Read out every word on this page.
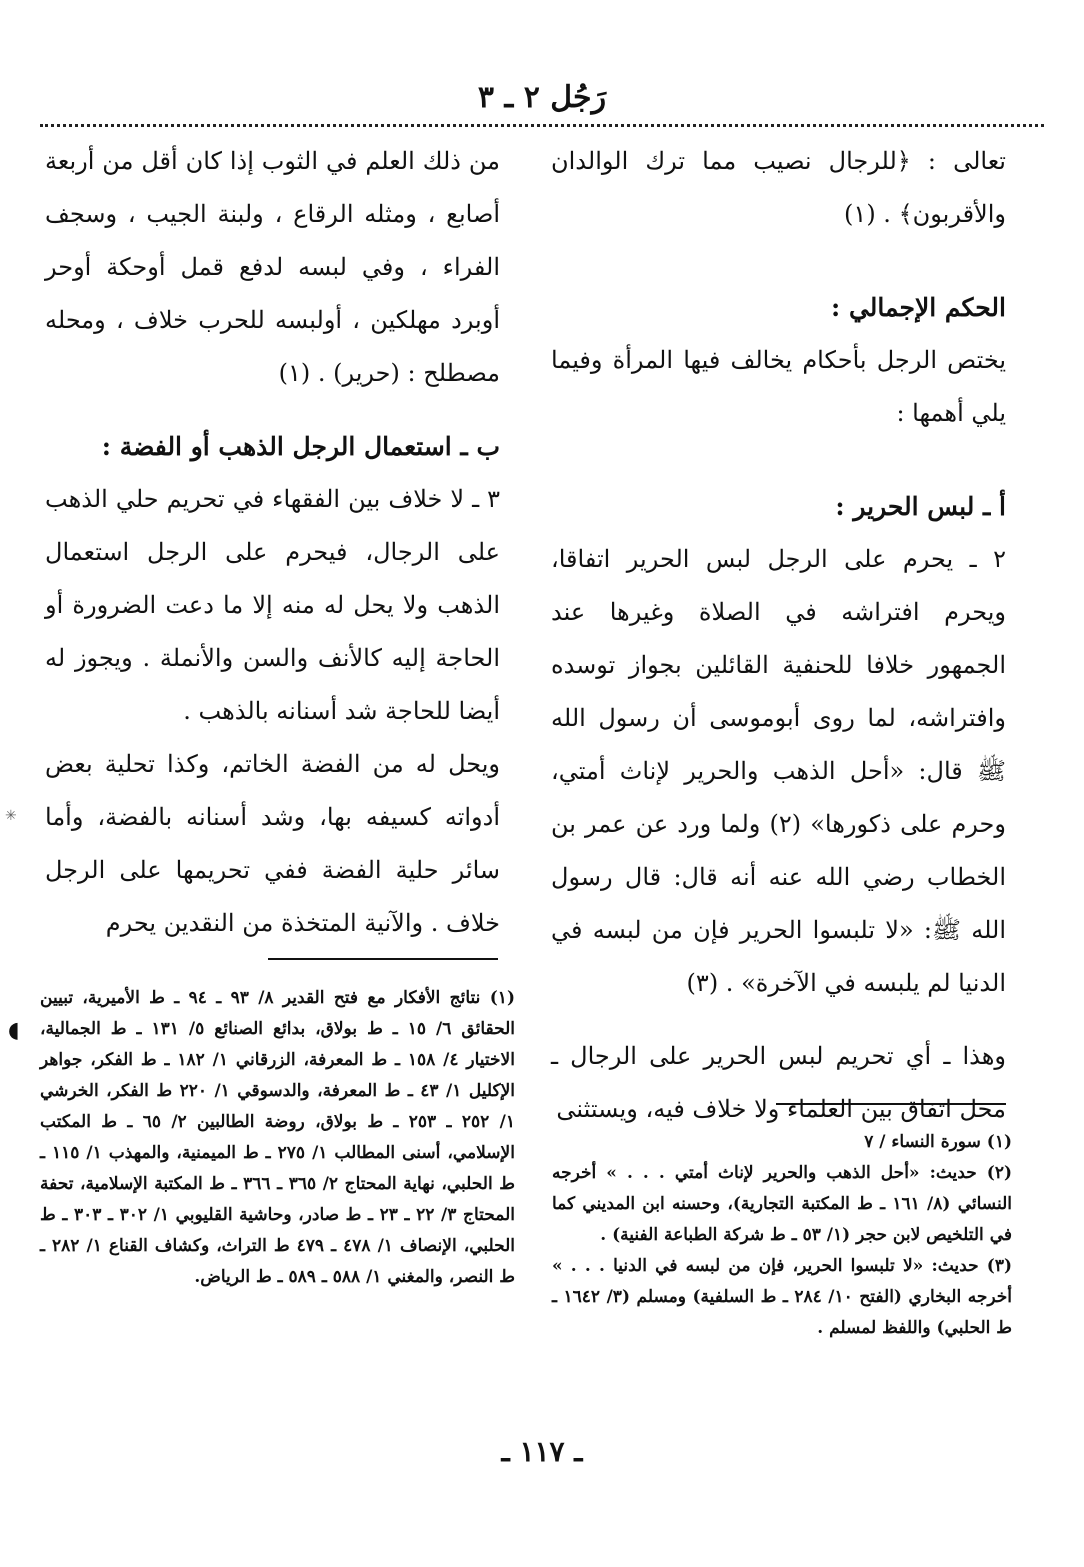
رَجُل ٢ ـ ٣

تعالى : ﴿للرجال نصيب مما ترك الوالدان والأقربون﴾ . (١)

الحكم الإجمالي :

يختص الرجل بأحكام يخالف فيها المرأة وفيما يلي أهمها :

أ ـ لبس الحرير :

٢ ـ يحرم على الرجل لبس الحرير اتفاقا، ويحرم افتراشه في الصلاة وغيرها عند الجمهور خلافا للحنفية القائلين بجواز توسده وافتراشه، لما روى أبوموسى أن رسول الله ﷺ قال: «أحل الذهب والحرير لإناث أمتي، وحرم على ذكورها» (٢) ولما ورد عن عمر بن الخطاب رضي الله عنه أنه قال: قال رسول الله ﷺ: «لا تلبسوا الحرير فإن من لبسه في الدنيا لم يلبسه في الآخرة» . (٣)

وهذا ـ أي تحريم لبس الحرير على الرجال ـ محل اتفاق بين العلماء ولا خلاف فيه، ويستثنى

من ذلك العلم في الثوب إذا كان أقل من أربعة أصابع ، ومثله الرقاع ، ولبنة الجيب ، وسجف الفراء ، وفي لبسه لدفع قمل أوحكة أوحر أوبرد مهلكين ، أولبسه للحرب خلاف ، ومحله مصطلح : (حرير) . (١)

ب ـ استعمال الرجل الذهب أو الفضة :

٣ ـ لا خلاف بين الفقهاء في تحريم حلي الذهب على الرجال، فيحرم على الرجل استعمال الذهب ولا يحل له منه إلا ما دعت الضرورة أو الحاجة إليه كالأنف والسن والأنملة . ويجوز له أيضا للحاجة شد أسنانه بالذهب .

ويحل له من الفضة الخاتم، وكذا تحلية بعض أدواته كسيفه بها، وشد أسنانه بالفضة، وأما سائر حلية الفضة ففي تحريمها على الرجل خلاف . والآنية المتخذة من النقدين يحرم

(١) سورة النساء / ٧

(٢) حديث: «أحل الذهب والحرير لإناث أمتي . . . » أخرجه النسائي (٨/ ١٦١ ـ ط المكتبة التجارية)، وحسنه ابن المديني كما في التلخيص لابن حجر (١/ ٥٣ ـ ط شركة الطباعة الفنية) .

(٣) حديث: «لا تلبسوا الحرير، فإن من لبسه في الدنيا . . . » أخرجه البخاري (الفتح ١٠/ ٢٨٤ ـ ط السلفية) ومسلم (٣/ ١٦٤٢ ـ ط الحلبي) واللفظ لمسلم .

(١) نتائج الأفكار مع فتح القدير ٨/ ٩٣ ـ ٩٤ ـ ط الأميرية، تبيين الحقائق ٦/ ١٥ ـ ط بولاق، بدائع الصنائع ٥/ ١٣١ ـ ط الجمالية، الاختيار ٤/ ١٥٨ ـ ط المعرفة، الزرقاني ١/ ١٨٢ ـ ط الفكر، جواهر الإكليل ١/ ٤٣ ـ ط المعرفة، والدسوقي ١/ ٢٢٠ ط الفكر، الخرشي ١/ ٢٥٢ ـ ٢٥٣ ـ ط بولاق، روضة الطالبين ٢/ ٦٥ ـ ط المكتب الإسلامي، أسنى المطالب ١/ ٢٧٥ ـ ط الميمنية، والمهذب ١/ ١١٥ ـ ط الحلبي، نهاية المحتاج ٢/ ٣٦٥ ـ ٣٦٦ ـ ط المكتبة الإسلامية، تحفة المحتاج ٣/ ٢٢ ـ ٢٣ ـ ط صادر، وحاشية القليوبي ١/ ٣٠٢ ـ ٣٠٣ ـ ط الحلبي، الإنصاف ١/ ٤٧٨ ـ ٤٧٩ ط التراث، وكشاف القناع ١/ ٢٨٢ ـ ط النصر، والمغني ١/ ٥٨٨ ـ ٥٨٩ ـ ط الرياض.

◖
✳
ـ ١١٧ ـ
